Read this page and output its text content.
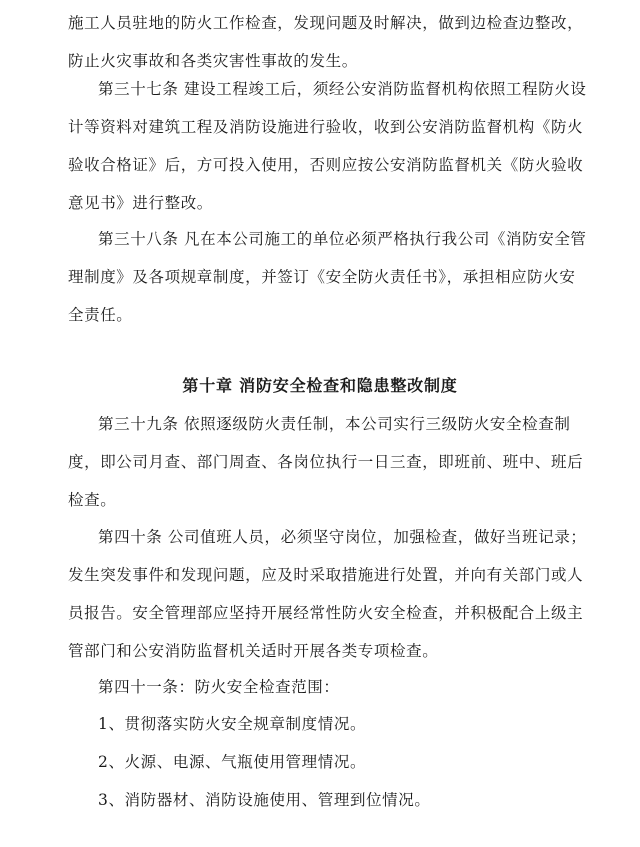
施工人员驻地的防火工作检查，发现问题及时解决，做到边检查边整改，
防止火灾事故和各类灾害性事故的发生。
第三十七条 建设工程竣工后，须经公安消防监督机构依照工程防火设
计等资料对建筑工程及消防设施进行验收，收到公安消防监督机构《防火
验收合格证》后，方可投入使用，否则应按公安消防监督机关《防火验收
意见书》进行整改。
第三十八条 凡在本公司施工的单位必须严格执行我公司《消防安全管
理制度》及各项规章制度，并签订《安全防火责任书》，承担相应防火安
全责任。
第十章 消防安全检查和隐患整改制度
第三十九条 依照逐级防火责任制，本公司实行三级防火安全检查制
度，即公司月查、部门周查、各岗位执行一日三查，即班前、班中、班后
检查。
第四十条 公司值班人员，必须坚守岗位，加强检查，做好当班记录；
发生突发事件和发现问题，应及时采取措施进行处置，并向有关部门或人
员报告。安全管理部应坚持开展经常性防火安全检查，并积极配合上级主
管部门和公安消防监督机关适时开展各类专项检查。
第四十一条：防火安全检查范围：
1、贯彻落实防火安全规章制度情况。
2、火源、电源、气瓶使用管理情况。
3、消防器材、消防设施使用、管理到位情况。
